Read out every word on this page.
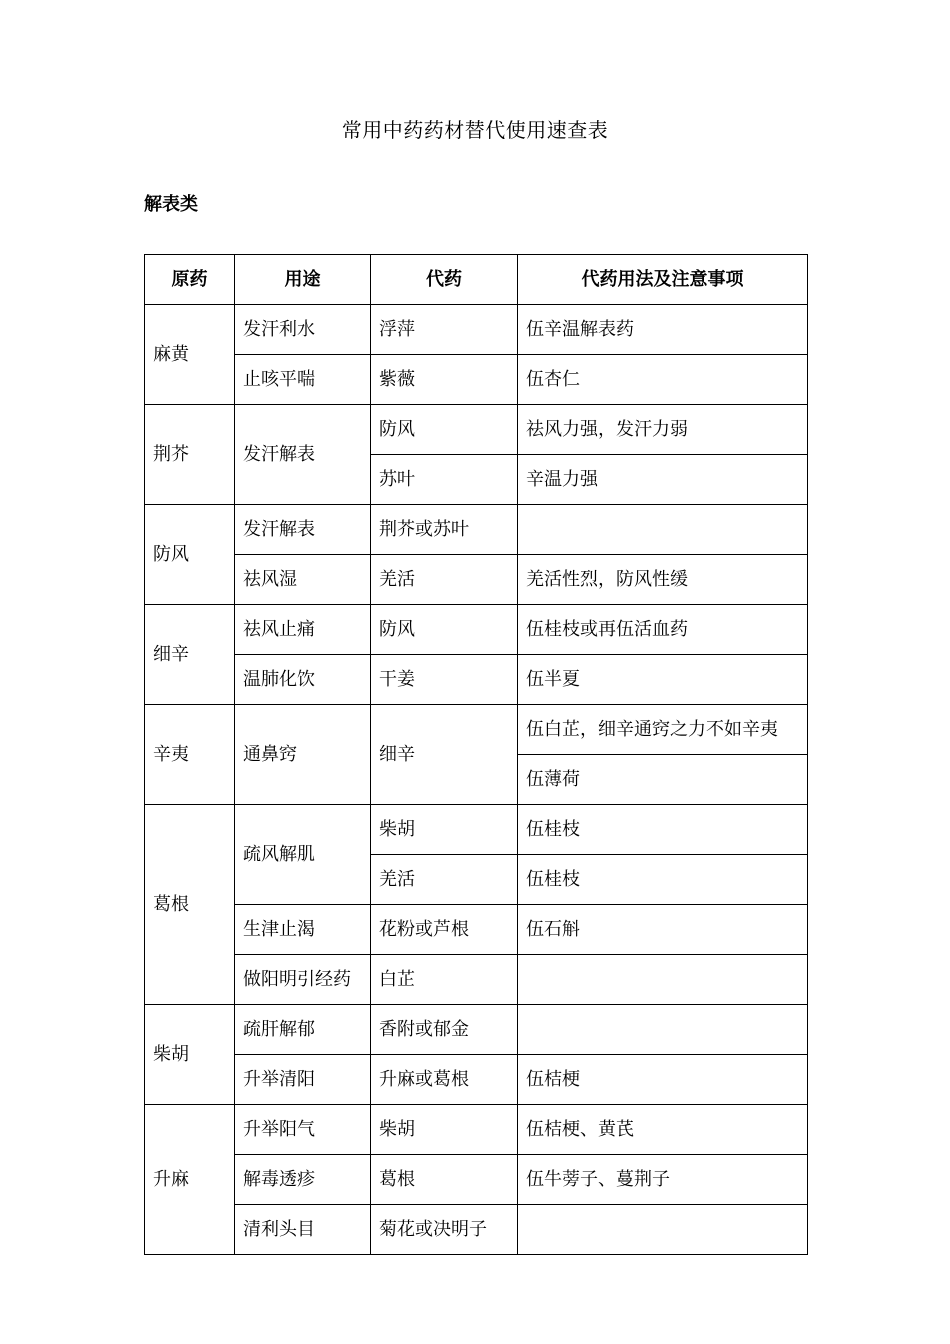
常用中药药材替代使用速查表
解表类
原药	用途	代药	代药用法及注意事项
麻黄	发汗利水	浮萍	伍辛温解表药
	止咳平喘	紫薇	伍杏仁
荆芥	发汗解表	防风	祛风力强，发汗力弱
		苏叶	辛温力强
防风	发汗解表	荆芥或苏叶	
	祛风湿	羌活	羌活性烈，防风性缓
细辛	祛风止痛	防风	伍桂枝或再伍活血药
	温肺化饮	干姜	伍半夏
辛夷	通鼻窍	细辛	伍白芷，细辛通窍之力不如辛夷
			伍薄荷
葛根	疏风解肌	柴胡	伍桂枝
		羌活	伍桂枝
	生津止渴	花粉或芦根	伍石斛
	做阳明引经药	白芷	
柴胡	疏肝解郁	香附或郁金	
	升举清阳	升麻或葛根	伍桔梗
升麻	升举阳气	柴胡	伍桔梗、黄芪
	解毒透疹	葛根	伍牛蒡子、蔓荆子
	清利头目	菊花或决明子	
